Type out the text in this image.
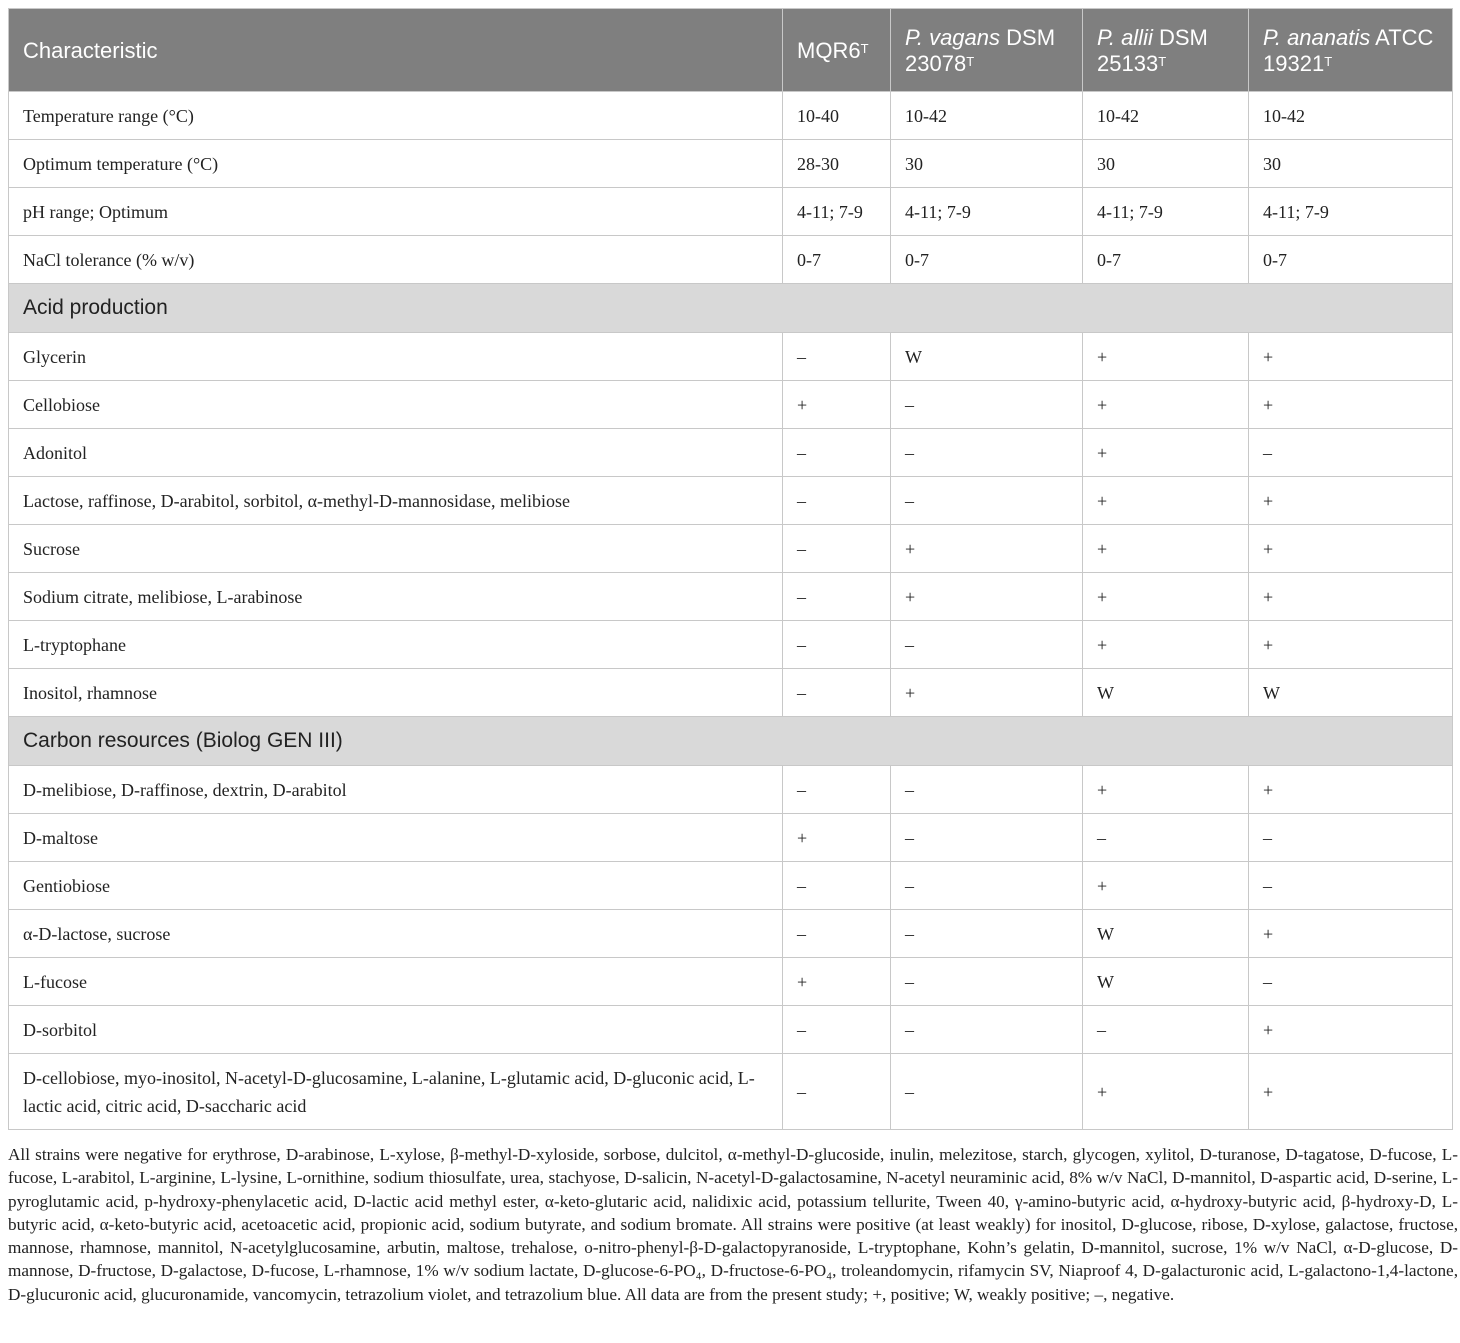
Characteristic	$MQR6^T$	P. vagans DSM $23078^T$	P. allii DSM $25133^T$	P. ananatis ATCC $19321^T$
Temperature range (°C)	10-40	10-42	10-42	10-42
Optimum temperature (°C)	28-30	30	30	30
pH range; Optimum	4-11; 7-9	4-11; 7-9	4-11; 7-9	4-11; 7-9
NaCl tolerance (% w/v)	0-7	0-7	0-7	0-7
Acid production				
Glycerin	–	W	+	+
Cellobiose	+	–	+	+
Adonitol	–	–	+	–
Lactose, raffinose, D-arabitol, sorbitol, α-methyl-D-mannosidase, melibiose	–	–	+	+
Sucrose	–	+	+	+
Sodium citrate, melibiose, L-arabinose	–	+	+	+
L-tryptophane	–	–	+	+
Inositol, rhamnose	–	+	W	W
Carbon resources (Biolog GEN III)				
D-melibiose, D-raffinose, dextrin, D-arabitol	–	–	+	+
D-maltose	+	–	–	–
Gentiobiose	–	–	+	–
α-D-lactose, sucrose	–	–	W	+
L-fucose	+	–	W	–
D-sorbitol	–	–	–	+
D-cellobiose, myo-inositol, N-acetyl-D-glucosamine, L-alanine, L-glutamic acid, D-gluconic acid, L-lactic acid, citric acid, D-saccharic acid	–	–	+	+
All strains were negative for erythrose, D-arabinose, L-xylose, β-methyl-D-xyloside, sorbose, dulcitol, α-methyl-D-glucoside, inulin, melezitose, starch, glycogen, xylitol, D-turanose, D-tagatose, D-fucose, L-fucose, L-arabitol, L-arginine, L-lysine, L-ornithine, sodium thiosulfate, urea, stachyose, D-salicin, N-acetyl-D-galactosamine, N-acetyl neuraminic acid, 8% w/v NaCl, D-mannitol, D-aspartic acid, D-serine, L-pyroglutamic acid, p-hydroxy-phenylacetic acid, D-lactic acid methyl ester, α-keto-glutaric acid, nalidixic acid, potassium tellurite, Tween 40, γ-amino-butyric acid, α-hydroxy-butyric acid, β-hydroxy-D, L-butyric acid, α-keto-butyric acid, acetoacetic acid, propionic acid, sodium butyrate, and sodium bromate. All strains were positive (at least weakly) for inositol, D-glucose, ribose, D-xylose, galactose, fructose, mannose, rhamnose, mannitol, N-acetylglucosamine, arbutin, maltose, trehalose, o-nitro-phenyl-β-D-galactopyranoside, L-tryptophane, Kohn’s gelatin, D-mannitol, sucrose, 1% w/v NaCl, α-D-glucose, D-mannose, D-fructose, D-galactose, D-fucose, L-rhamnose, 1% w/v sodium lactate, D-glucose-6-PO₄, D-fructose-6-PO₄, troleandomycin, rifamycin SV, Niaproof 4, D-galacturonic acid, L-galactono-1,4-lactone, D-glucuronic acid, glucuronamide, vancomycin, tetrazolium violet, and tetrazolium blue. All data are from the present study; +, positive; W, weakly positive; –, negative.
